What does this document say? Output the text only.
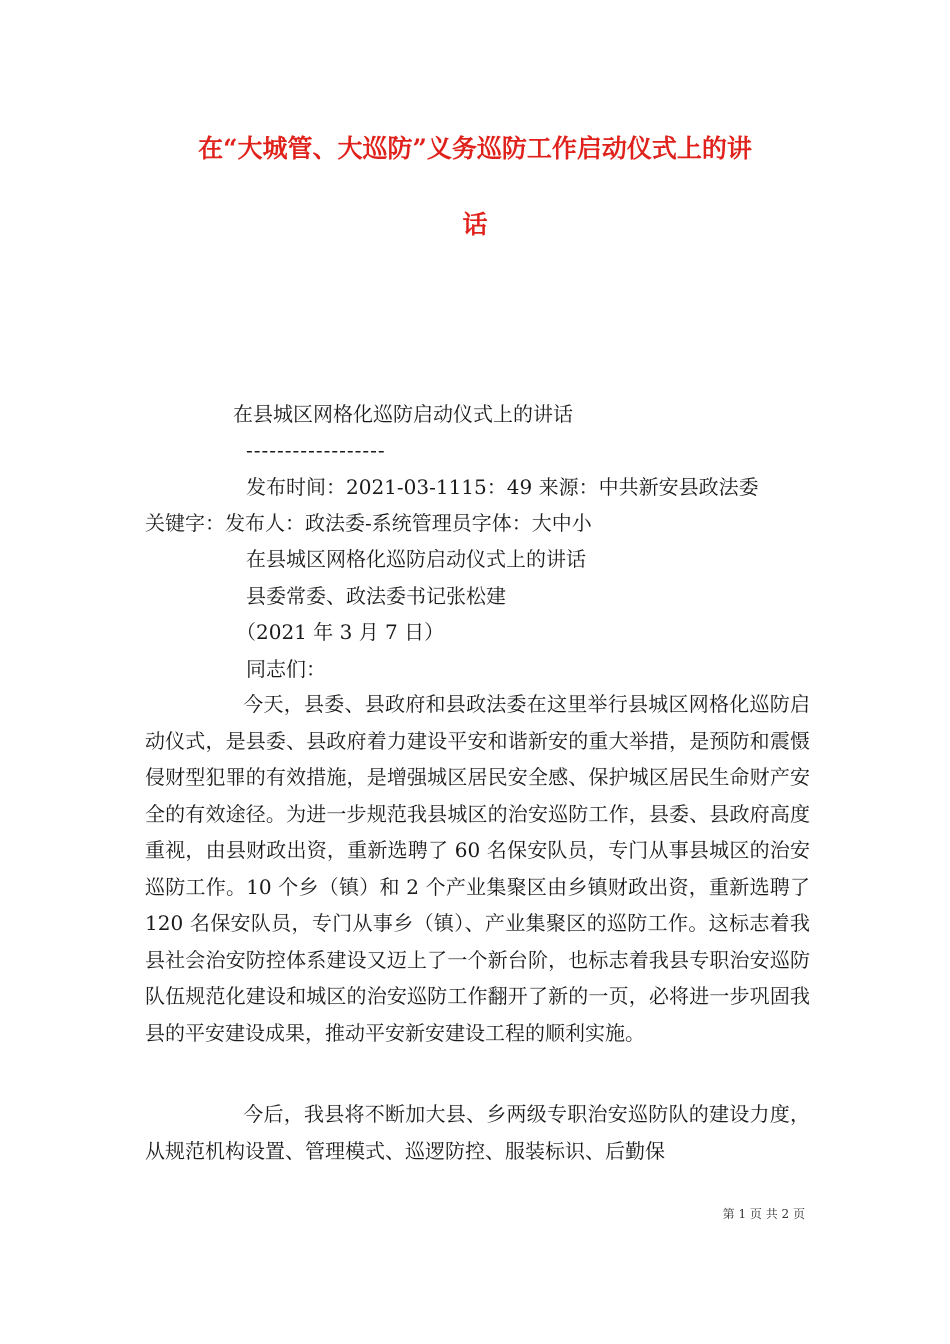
在“大城管、大巡防”义务巡防工作启动仪式上的讲
话
在县城区网格化巡防启动仪式上的讲话
------------------
发布时间：2021-03-1115：49 来源：中共新安县政法委
关键字：发布人：政法委-系统管理员字体：大中小
在县城区网格化巡防启动仪式上的讲话
县委常委、政法委书记张松建
（2021 年 3 月 7 日）
同志们：
今天，县委、县政府和县政法委在这里举行县城区网格化巡防启动仪式，是县委、县政府着力建设平安和谐新安的重大举措，是预防和震慑侵财型犯罪的有效措施，是增强城区居民安全感、保护城区居民生命财产安全的有效途径。为进一步规范我县城区的治安巡防工作，县委、县政府高度重视，由县财政出资，重新选聘了 60 名保安队员，专门从事县城区的治安巡防工作。10 个乡（镇）和 2 个产业集聚区由乡镇财政出资，重新选聘了 120 名保安队员，专门从事乡（镇）、产业集聚区的巡防工作。这标志着我县社会治安防控体系建设又迈上了一个新台阶，也标志着我县专职治安巡防队伍规范化建设和城区的治安巡防工作翻开了新的一页，必将进一步巩固我县的平安建设成果，推动平安新安建设工程的顺利实施。
今后，我县将不断加大县、乡两级专职治安巡防队的建设力度，从规范机构设置、管理模式、巡逻防控、服装标识、后勤保
第 1 页 共 2 页
